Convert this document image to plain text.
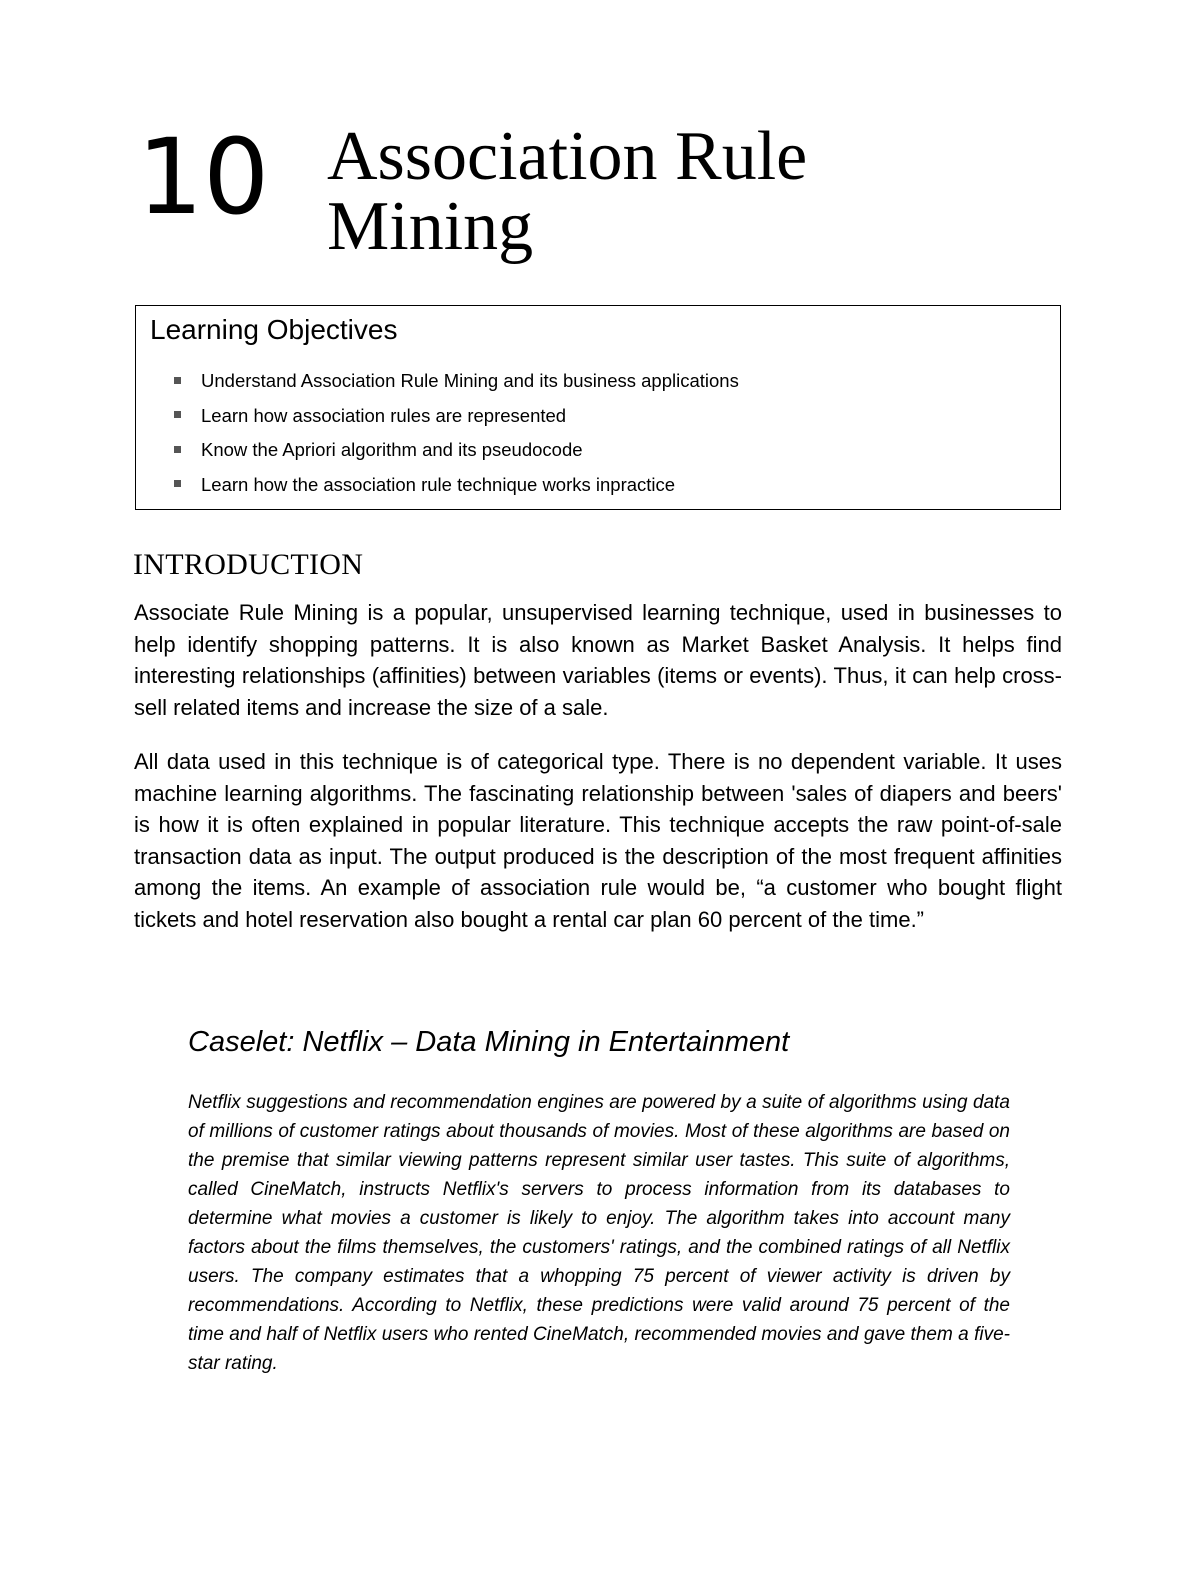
10 Association Rule
Mining
Learning Objectives
Understand Association Rule Mining and its business applications
Learn how association rules are represented
Know the Apriori algorithm and its pseudocode
Learn how the association rule technique works inpractice
INTRODUCTION

Associate Rule Mining is a popular, unsupervised learning technique, used in businesses to help identify shopping patterns. It is also known as Market Basket Analysis. It helps find interesting relationships (affinities) between variables (items or events). Thus, it can help cross-sell related items and increase the size of a sale.

All data used in this technique is of categorical type. There is no dependent variable. It uses machine learning algorithms. The fascinating relationship between 'sales of diapers and beers' is how it is often explained in popular literature. This technique accepts the raw point-of-sale transaction data as input. The output produced is the description of the most frequent affinities among the items. An example of association rule would be, “a customer who bought flight tickets and hotel reservation also bought a rental car plan 60 percent of the time.”

Caselet: Netflix – Data Mining in Entertainment

Netflix suggestions and recommendation engines are powered by a suite of algorithms using data of millions of customer ratings about thousands of movies. Most of these algorithms are based on the premise that similar viewing patterns represent similar user tastes. This suite of algorithms, called CineMatch, instructs Netflix's servers to process information from its databases to determine what movies a customer is likely to enjoy. The algorithm takes into account many factors about the films themselves, the customers' ratings, and the combined ratings of all Netflix users. The company estimates that a whopping 75 percent of viewer activity is driven by recommendations. According to Netflix, these predictions were valid around 75 percent of the time and half of Netflix users who rented CineMatch, recommended movies and gave them a five-star rating.
